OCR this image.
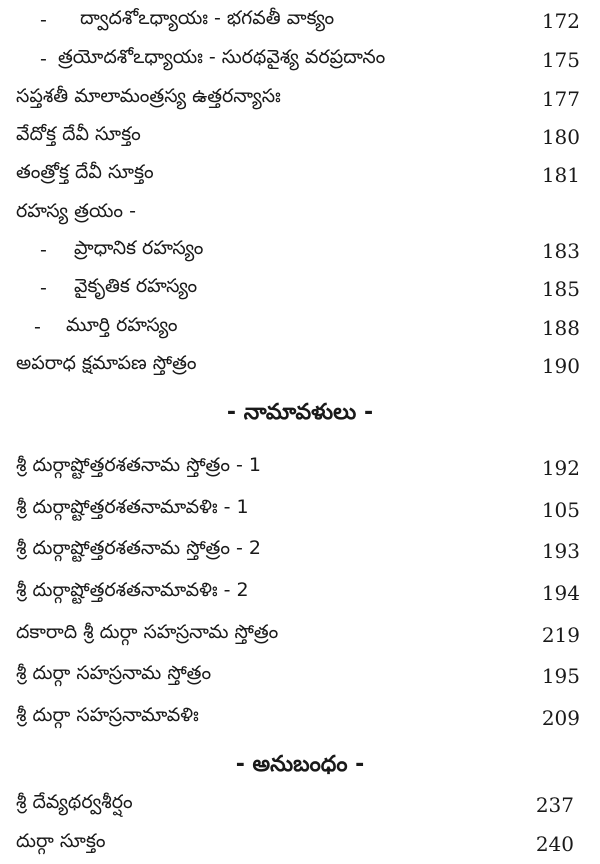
-	ద్వాదశోఽధ్యాయః - భగవతీ వాక్యం	172
- త్రయోదశోఽధ్యాయః - సురథవైశ్య వరప్రదానం	175
సప్తశతీ మాలామంత్రస్య ఉత్తరన్యాసః	177
వేదోక్త దేవీ సూక్తం	180
తంత్రోక్త దేవీ సూక్తం	181
రహస్య త్రయం -
-	ప్రాధానిక రహస్యం	183
-	వైకృతిక రహస్యం	185
-	మూర్తి రహస్యం	188
అపరాధ క్షమాపణ స్తోత్రం	190
- నామావళులు -
శ్రీ దుర్గాష్టోత్తరశతనామ స్తోత్రం - 1	192
శ్రీ దుర్గాష్టోత్తరశతనామావళిః - 1	105
శ్రీ దుర్గాష్టోత్తరశతనామ స్తోత్రం - 2	193
శ్రీ దుర్గాష్టోత్తరశతనామావళిః - 2	194
దకారాది శ్రీ దుర్గా సహస్రనామ స్తోత్రం	219
శ్రీ దుర్గా సహస్రనామ స్తోత్రం	195
శ్రీ దుర్గా సహస్రనామావళిః	209
- అనుబంధం -
శ్రీ దేవ్యథర్వశీర్షం	237
దుర్గా సూక్తం	240
